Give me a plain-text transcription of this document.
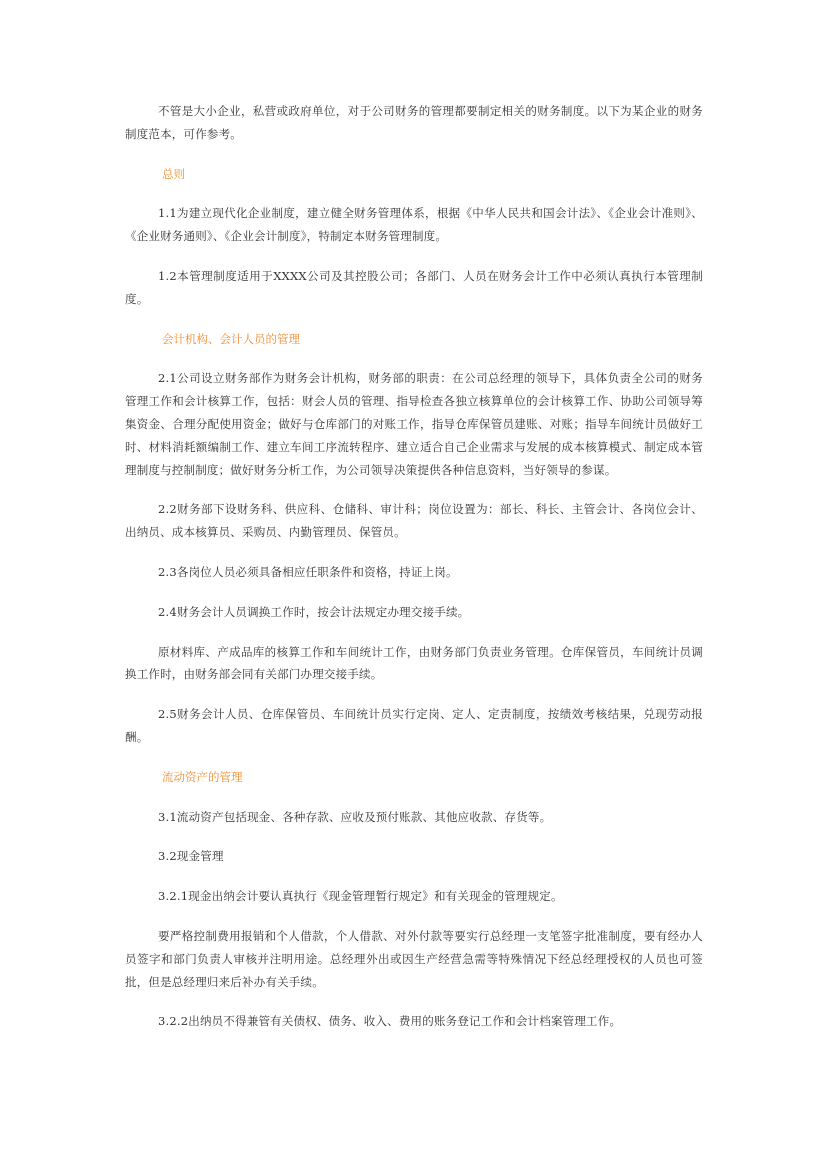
不管是大小企业，私营或政府单位，对于公司财务的管理都要制定相关的财务制度。以下为某企业的财务制度范本，可作参考。

总则

1.1为建立现代化企业制度，建立健全财务管理体系，根据《中华人民共和国会计法》、《企业会计准则》、《企业财务通则》、《企业会计制度》，特制定本财务管理制度。

1.2本管理制度适用于XXXX公司及其控股公司；各部门、人员在财务会计工作中必须认真执行本管理制度。

会计机构、会计人员的管理

2.1公司设立财务部作为财务会计机构，财务部的职责：在公司总经理的领导下，具体负责全公司的财务管理工作和会计核算工作，包括：财会人员的管理、指导检查各独立核算单位的会计核算工作、协助公司领导筹集资金、合理分配使用资金；做好与仓库部门的对账工作，指导仓库保管员建账、对账；指导车间统计员做好工时、材料消耗额编制工作、建立车间工序流转程序、建立适合自己企业需求与发展的成本核算模式、制定成本管理制度与控制制度；做好财务分析工作，为公司领导决策提供各种信息资料，当好领导的参谋。

2.2财务部下设财务科、供应科、仓储科、审计科；岗位设置为：部长、科长、主管会计、各岗位会计、出纳员、成本核算员、采购员、内勤管理员、保管员。

2.3各岗位人员必须具备相应任职条件和资格，持证上岗。

2.4财务会计人员调换工作时，按会计法规定办理交接手续。

原材料库、产成品库的核算工作和车间统计工作，由财务部门负责业务管理。仓库保管员，车间统计员调换工作时，由财务部会同有关部门办理交接手续。

2.5财务会计人员、仓库保管员、车间统计员实行定岗、定人、定责制度，按绩效考核结果，兑现劳动报酬。

流动资产的管理

3.1流动资产包括现金、各种存款、应收及预付账款、其他应收款、存货等。

3.2现金管理

3.2.1现金出纳会计要认真执行《现金管理暂行规定》和有关现金的管理规定。

要严格控制费用报销和个人借款，个人借款、对外付款等要实行总经理一支笔签字批准制度，要有经办人员签字和部门负责人审核并注明用途。总经理外出或因生产经营急需等特殊情况下经总经理授权的人员也可签批，但是总经理归来后补办有关手续。

3.2.2出纳员不得兼管有关债权、债务、收入、费用的账务登记工作和会计档案管理工作。
